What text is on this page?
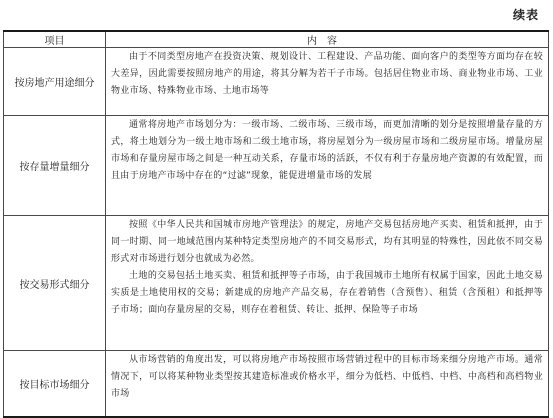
续表
项目	内容
按房地产用途细分	由于不同类型房地产在投资决策、规划设计、工程建设、产品功能、面向客户的类型等方面均存在较大差异，因此需要按照房地产的用途，将其分解为若干子市场。包括居住物业市场、商业物业市场、工业物业市场、特殊物业市场、土地市场等

按存量增量细分	通常将房地产市场划分为：一级市场、二级市场、三级市场，而更加清晰的划分是按照增量存量的方式，将土地划分为一级土地市场和二级土地市场，将房屋划分为一级房屋市场和二级房屋市场。增量房屋市场和存量房屋市场之间是一种互动关系，存量市场的活跃，不仅有利于存量房地产资源的有效配置，而且由于房地产市场中存在的“过滤”现象，能促进增量市场的发展

按交易形式细分	按照《中华人民共和国城市房地产管理法》的规定，房地产交易包括房地产买卖、租赁和抵押，由于同一时期、同一地域范围内某种特定类型房地产的不同交易形式，均有其明显的特殊性，因此依不同交易形式对市场进行划分也就成为必然。

土地的交易包括土地买卖、租赁和抵押等子市场，由于我国城市土地所有权属于国家，因此土地交易实质是土地使用权的交易；新建成的房地产产品交易，存在着销售（含预售）、租赁（含预租）和抵押等子市场；面向存量房屋的交易，则存在着租赁、转让、抵押、保险等子市场

按目标市场细分	从市场营销的角度出发，可以将房地产市场按照市场营销过程中的目标市场来细分房地产市场。通常情况下，可以将某种物业类型按其建造标准或价格水平，细分为低档、中低档、中档、中高档和高档物业市场
